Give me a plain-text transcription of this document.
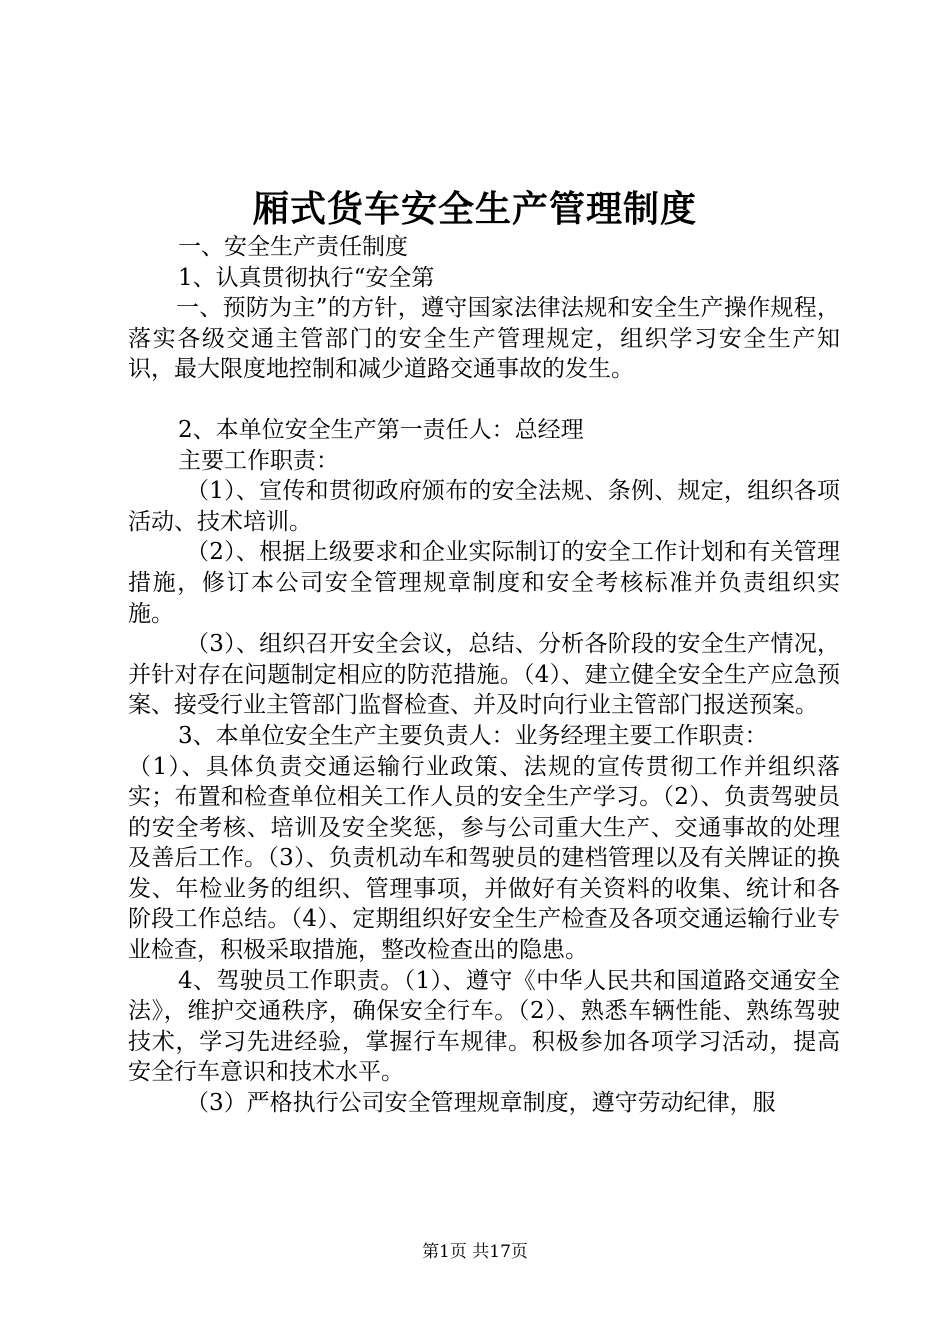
厢式货车安全生产管理制度

一、安全生产责任制度

1、认真贯彻执行“安全第

一、预防为主”的方针，遵守国家法律法规和安全生产操作规程，落实各级交通主管部门的安全生产管理规定，组织学习安全生产知识，最大限度地控制和减少道路交通事故的发生。

2、本单位安全生产第一责任人：总经理

主要工作职责：

（1）、宣传和贯彻政府颁布的安全法规、条例、规定，组织各项活动、技术培训。

（2）、根据上级要求和企业实际制订的安全工作计划和有关管理措施，修订本公司安全管理规章制度和安全考核标准并负责组织实施。

（3）、组织召开安全会议，总结、分析各阶段的安全生产情况，并针对存在问题制定相应的防范措施。（4）、建立健全安全生产应急预案、接受行业主管部门监督检查、并及时向行业主管部门报送预案。

3、本单位安全生产主要负责人：业务经理主要工作职责：

（1）、具体负责交通运输行业政策、法规的宣传贯彻工作并组织落实；布置和检查单位相关工作人员的安全生产学习。（2）、负责驾驶员的安全考核、培训及安全奖惩，参与公司重大生产、交通事故的处理及善后工作。（3）、负责机动车和驾驶员的建档管理以及有关牌证的换发、年检业务的组织、管理事项，并做好有关资料的收集、统计和各阶段工作总结。（4）、定期组织好安全生产检查及各项交通运输行业专业检查，积极采取措施，整改检查出的隐患。

4、驾驶员工作职责。（1）、遵守《中华人民共和国道路交通安全法》，维护交通秩序，确保安全行车。（2）、熟悉车辆性能、熟练驾驶技术，学习先进经验，掌握行车规律。积极参加各项学习活动，提高安全行车意识和技术水平。

（3）严格执行公司安全管理规章制度，遵守劳动纪律，服

第1页 共17页
